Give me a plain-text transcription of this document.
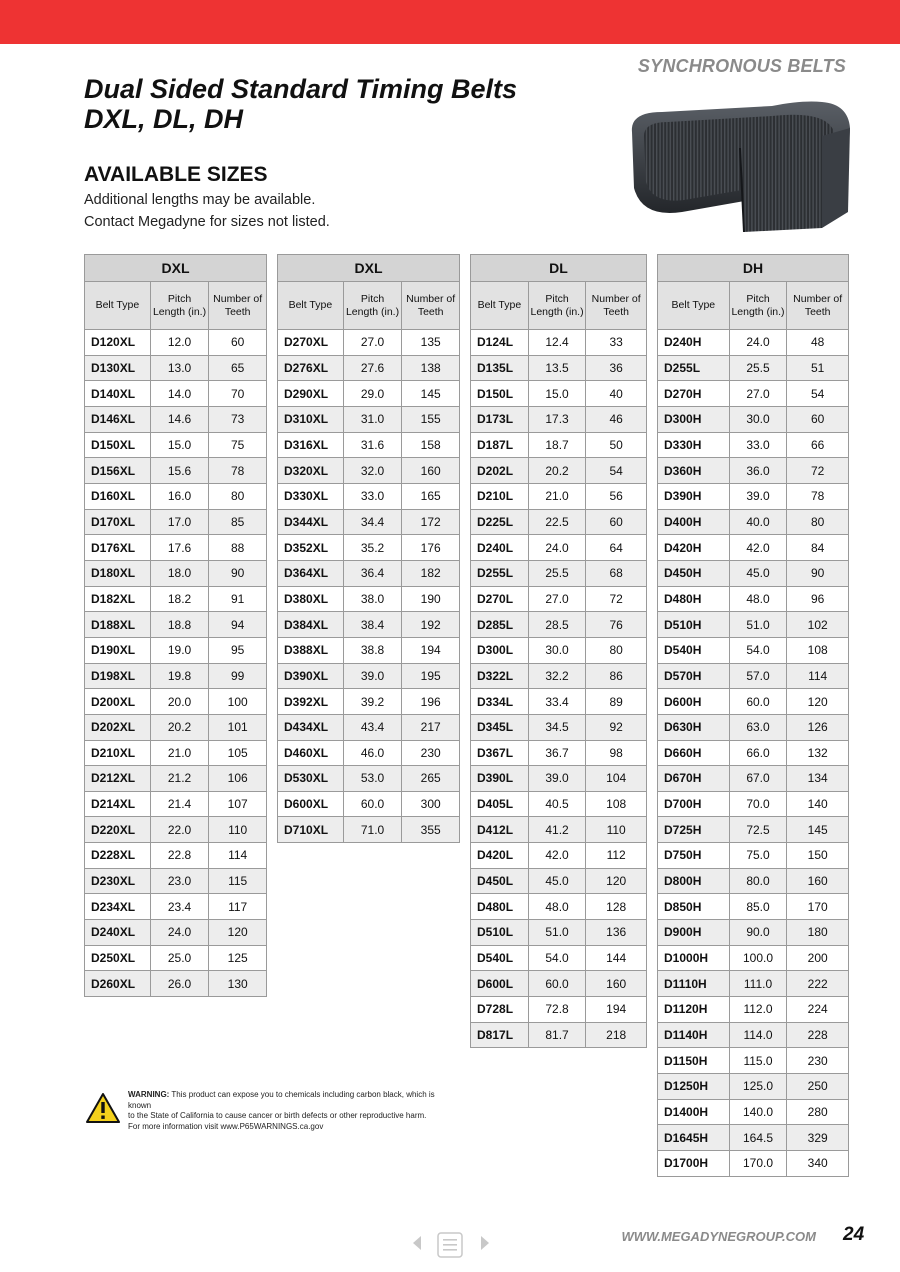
SYNCHRONOUS BELTS
Dual Sided Standard Timing Belts
DXL, DL, DH
AVAILABLE SIZES
Additional lengths may be available.
Contact Megadyne for sizes not listed.
DXL		
Belt Type	Pitch Length (in.)	Number of Teeth
D120XL	12.0	60
D130XL	13.0	65
D140XL	14.0	70
D146XL	14.6	73
D150XL	15.0	75
D156XL	15.6	78
D160XL	16.0	80
D170XL	17.0	85
D176XL	17.6	88
D180XL	18.0	90
D182XL	18.2	91
D188XL	18.8	94
D190XL	19.0	95
D198XL	19.8	99
D200XL	20.0	100
D202XL	20.2	101
D210XL	21.0	105
D212XL	21.2	106
D214XL	21.4	107
D220XL	22.0	110
D228XL	22.8	114
D230XL	23.0	115
D234XL	23.4	117
D240XL	24.0	120
D250XL	25.0	125
D260XL	26.0	130
DXL		
Belt Type	Pitch Length (in.)	Number of Teeth
D270XL	27.0	135
D276XL	27.6	138
D290XL	29.0	145
D310XL	31.0	155
D316XL	31.6	158
D320XL	32.0	160
D330XL	33.0	165
D344XL	34.4	172
D352XL	35.2	176
D364XL	36.4	182
D380XL	38.0	190
D384XL	38.4	192
D388XL	38.8	194
D390XL	39.0	195
D392XL	39.2	196
D434XL	43.4	217
D460XL	46.0	230
D530XL	53.0	265
D600XL	60.0	300
D710XL	71.0	355
DL		
Belt Type	Pitch Length (in.)	Number of Teeth
D124L	12.4	33
D135L	13.5	36
D150L	15.0	40
D173L	17.3	46
D187L	18.7	50
D202L	20.2	54
D210L	21.0	56
D225L	22.5	60
D240L	24.0	64
D255L	25.5	68
D270L	27.0	72
D285L	28.5	76
D300L	30.0	80
D322L	32.2	86
D334L	33.4	89
D345L	34.5	92
D367L	36.7	98
D390L	39.0	104
D405L	40.5	108
D412L	41.2	110
D420L	42.0	112
D450L	45.0	120
D480L	48.0	128
D510L	51.0	136
D540L	54.0	144
D600L	60.0	160
D728L	72.8	194
D817L	81.7	218
DH		
Belt Type	Pitch Length (in.)	Number of Teeth
D240H	24.0	48
D255L	25.5	51
D270H	27.0	54
D300H	30.0	60
D330H	33.0	66
D360H	36.0	72
D390H	39.0	78
D400H	40.0	80
D420H	42.0	84
D450H	45.0	90
D480H	48.0	96
D510H	51.0	102
D540H	54.0	108
D570H	57.0	114
D600H	60.0	120
D630H	63.0	126
D660H	66.0	132
D670H	67.0	134
D700H	70.0	140
D725H	72.5	145
D750H	75.0	150
D800H	80.0	160
D850H	85.0	170
D900H	90.0	180
D1000H	100.0	200
D1110H	111.0	222
D1120H	112.0	224
D1140H	114.0	228
D1150H	115.0	230
D1250H	125.0	250
D1400H	140.0	280
D1645H	164.5	329
D1700H	170.0	340
WARNING: This product can expose you to chemicals including carbon black, which is known
to the State of California to cause cancer or birth defects or other reproductive harm.
For more information visit www.P65WARNINGS.ca.gov
WWW.MEGADYNEGROUP.COM 24
